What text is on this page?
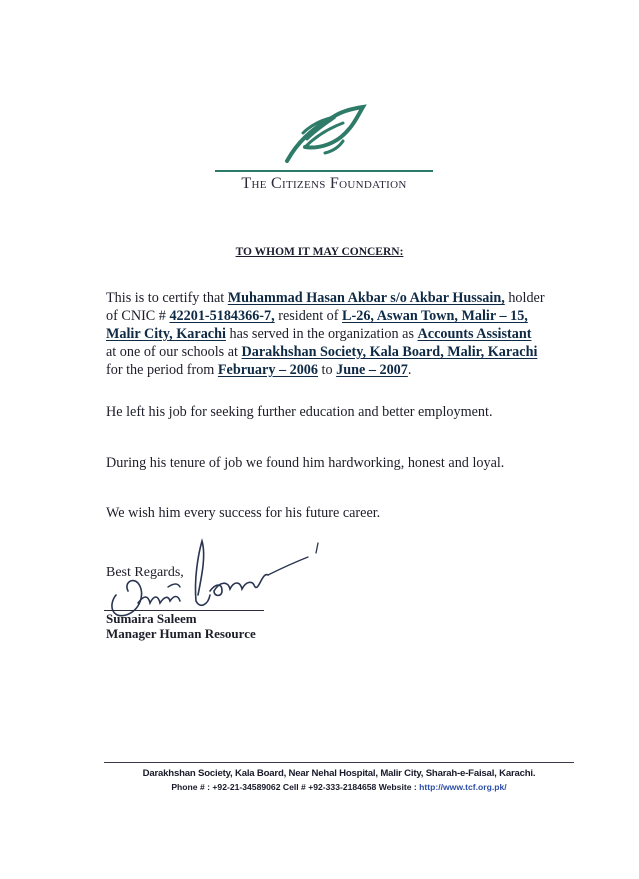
The Citizens Foundation
TO WHOM IT MAY CONCERN:
This is to certify that Muhammad Hasan Akbar s/o Akbar Hussain, holder
of CNIC # 42201-5184366-7, resident of L-26, Aswan Town, Malir – 15,
Malir City, Karachi has served in the organization as Accounts Assistant
at one of our schools at Darakhshan Society, Kala Board, Malir, Karachi
for the period from February – 2006 to June – 2007.
He left his job for seeking further education and better employment.
During his tenure of job we found him hardworking, honest and loyal.
We wish him every success for his future career.
Best Regards,
Sumaira Saleem
Manager Human Resource
Darakhshan Society, Kala Board, Near Nehal Hospital, Malir City, Sharah-e-Faisal, Karachi.
Phone # : +92-21-34589062 Cell # +92-333-2184658 Website : http://www.tcf.org.pk/
